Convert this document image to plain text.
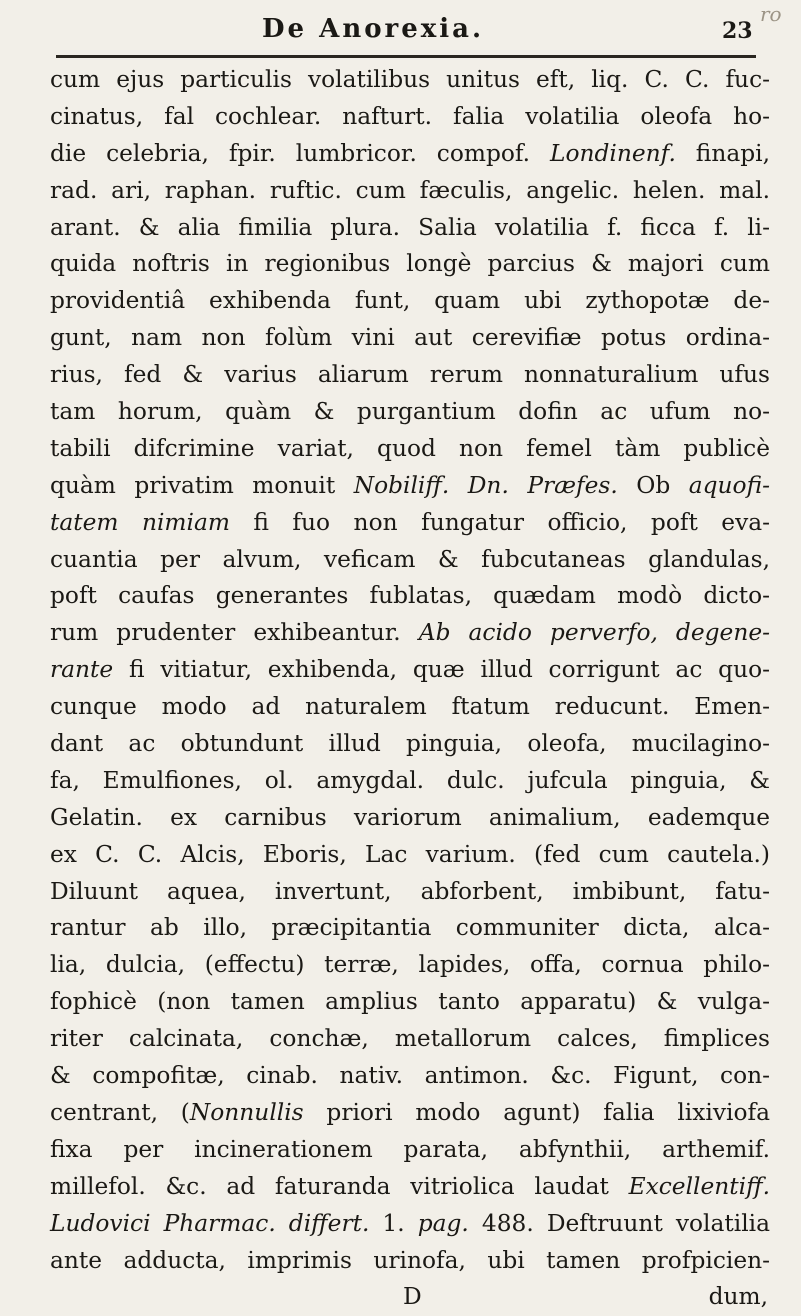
De Anorexia.	23
ro
cum ejus particulis volatilibus unitus eft, liq. C. C. fuc-
cinatus, fal cochlear. nafturt. falia volatilia oleofa ho-
die celebria, fpir. lumbricor. compof. Londinenf. finapi,
rad. ari, raphan. ruftic. cum fæculis, angelic. helen. mal.
arant. & alia fimilia plura. Salia volatilia f. ficca f. li-
quida noftris in regionibus longè parcius & majori cum
providentiâ exhibenda funt, quam ubi zythopotæ de-
gunt, nam non folùm vini aut cerevifiæ potus ordina-
rius, fed & varius aliarum rerum nonnaturalium ufus
tam horum, quàm & purgantium dofin ac ufum no-
tabili difcrimine variat, quod non femel tàm publicè
quàm privatim monuit Nobiliff. Dn. Præfes. Ob aquofi-
tatem nimiam fi fuo non fungatur officio, poft eva-
cuantia per alvum, veficam & fubcutaneas glandulas,
poft caufas generantes fublatas, quædam modò dicto-
rum prudenter exhibeantur. Ab acido perverfo, degene-
rante fi vitiatur, exhibenda, quæ illud corrigunt ac quo-
cunque modo ad naturalem ftatum reducunt. Emen-
dant ac obtundunt illud pinguia, oleofa, mucilagino-
fa, Emulfiones, ol. amygdal. dulc. jufcula pinguia, &
Gelatin. ex carnibus variorum animalium, eademque
ex C. C. Alcis, Eboris, Lac varium. (fed cum cautela.)
Diluunt aquea, invertunt, abforbent, imbibunt, fatu-
rantur ab illo, præcipitantia communiter dicta, alca-
lia, dulcia, (effectu) terræ, lapides, offa, cornua philo-
fophicè (non tamen amplius tanto apparatu) & vulga-
riter calcinata, conchæ, metallorum calces, fimplices
& compofitæ, cinab. nativ. antimon. &c. Figunt, con-
centrant, (Nonnullis priori modo agunt) falia lixiviofa
fixa per incinerationem parata, abfynthii, arthemif.
millefol. &c. ad faturanda vitriolica laudat Excellentiff.
Ludovici Pharmac. differt. 1. pag. 488. Deftruunt volatilia
ante adducta, imprimis urinofa, ubi tamen profpicien-
D	dum,
